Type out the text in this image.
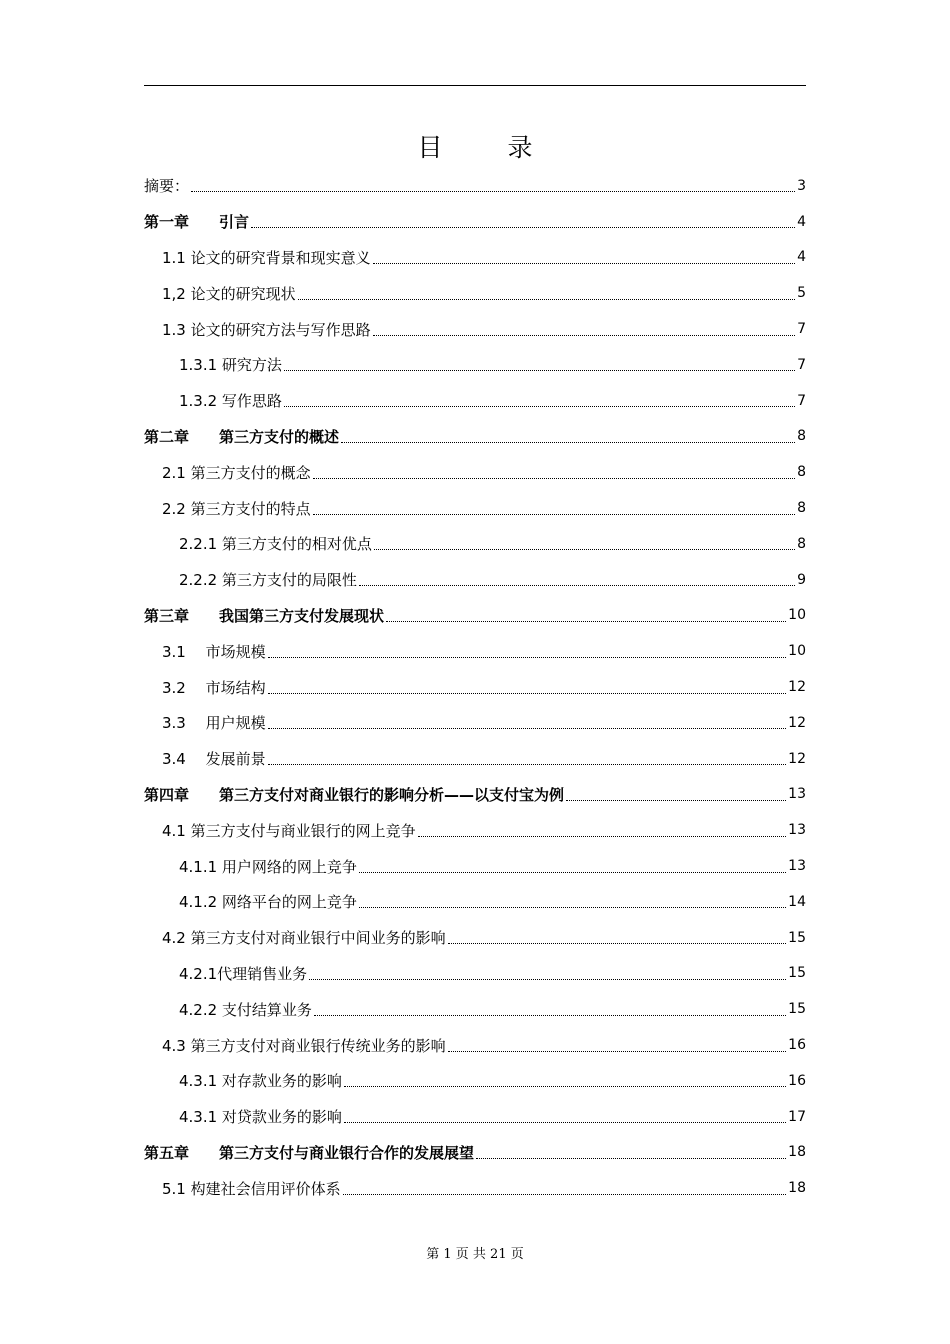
目　录
摘要：	3
第一章　　引言	4
1.1 论文的研究背景和现实意义	4
1,2 论文的研究现状	5
1.3 论文的研究方法与写作思路	7
1.3.1 研究方法	7
1.3.2 写作思路	7
第二章　　第三方支付的概述	8
2.1 第三方支付的概念	8
2.2 第三方支付的特点	8
2.2.1 第三方支付的相对优点	8
2.2.2 第三方支付的局限性	9
第三章　　我国第三方支付发展现状	10
3.1　 市场规模	10
3.2　 市场结构	12
3.3　 用户规模	12
3.4　 发展前景	12
第四章　　第三方支付对商业银行的影响分析——以支付宝为例	13
4.1 第三方支付与商业银行的网上竞争	13
4.1.1 用户网络的网上竞争	13
4.1.2 网络平台的网上竞争	14
4.2 第三方支付对商业银行中间业务的影响	15
4.2.1代理销售业务	15
4.2.2 支付结算业务	15
4.3 第三方支付对商业银行传统业务的影响	16
4.3.1 对存款业务的影响	16
4.3.1 对贷款业务的影响	17
第五章　　第三方支付与商业银行合作的发展展望	18
5.1 构建社会信用评价体系	18
第 1 页 共 21 页
